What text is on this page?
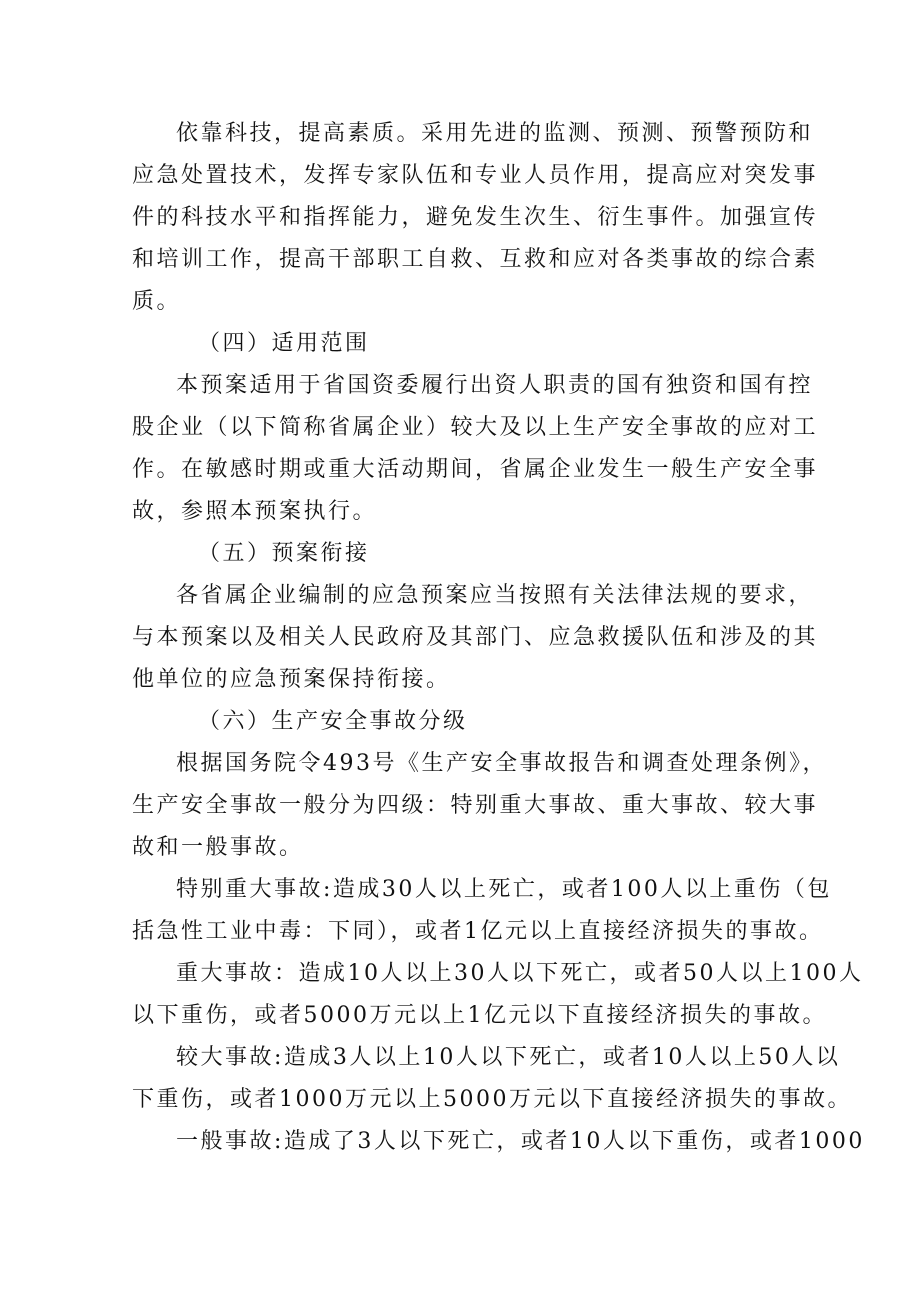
依靠科技，提高素质。采用先进的监测、预测、预警预防和
应急处置技术，发挥专家队伍和专业人员作用，提高应对突发事
件的科技水平和指挥能力，避免发生次生、衍生事件。加强宣传
和培训工作，提高干部职工自救、互救和应对各类事故的综合素
质。
（四）适用范围
本预案适用于省国资委履行出资人职责的国有独资和国有控
股企业（以下简称省属企业）较大及以上生产安全事故的应对工
作。在敏感时期或重大活动期间，省属企业发生一般生产安全事
故，参照本预案执行。
（五）预案衔接
各省属企业编制的应急预案应当按照有关法律法规的要求，
与本预案以及相关人民政府及其部门、应急救援队伍和涉及的其
他单位的应急预案保持衔接。
（六）生产安全事故分级
根据国务院令493号《生产安全事故报告和调查处理条例》，
生产安全事故一般分为四级：特别重大事故、重大事故、较大事
故和一般事故。
特别重大事故:造成30人以上死亡，或者100人以上重伤（包
括急性工业中毒：下同），或者1亿元以上直接经济损失的事故。
重大事故：造成10人以上30人以下死亡，或者50人以上100人
以下重伤，或者5000万元以上1亿元以下直接经济损失的事故。
较大事故:造成3人以上10人以下死亡，或者10人以上50人以
下重伤，或者1000万元以上5000万元以下直接经济损失的事故。
一般事故:造成了3人以下死亡，或者10人以下重伤，或者1000
